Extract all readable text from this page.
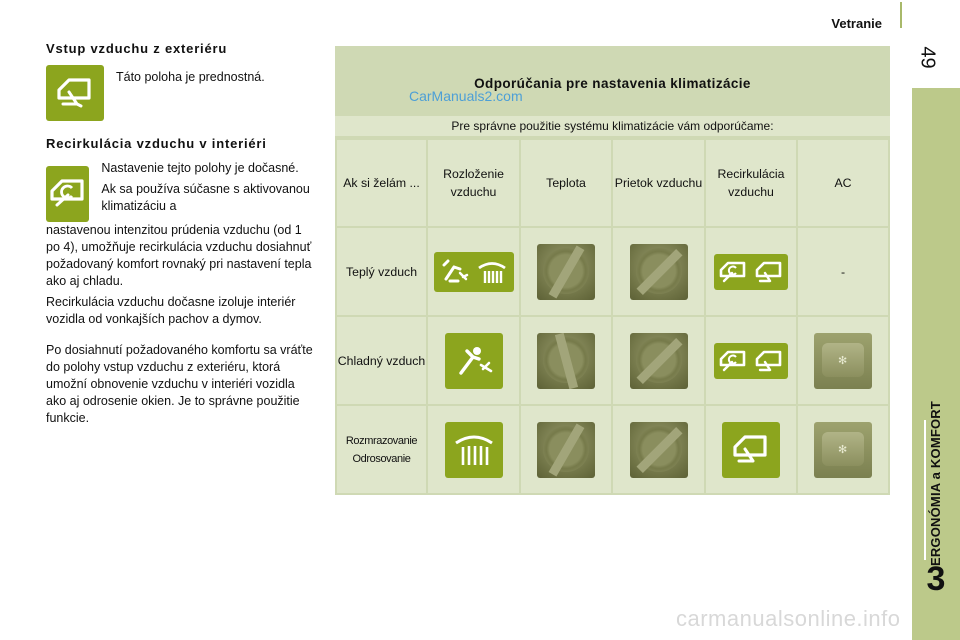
Vetranie
49
ERGONÓMIA a KOMFORT
3
Vstup vzduchu z exteriéru
Táto poloha je prednostná.
Recirkulácia vzduchu v interiéri
Nastavenie tejto polohy je dočasné.
Ak sa používa súčasne s aktivovanou klimatizáciu a
nastavenou intenzitou prúdenia vzduchu (od 1 po 4), umožňuje recirkulácia vzduchu dosiahnuť požadovaný komfort rovnaký pri nastavení tepla ako aj chladu.
Recirkulácia vzduchu dočasne izoluje interiér vozidla od vonkajších pachov a dymov.
Po dosiahnutí požadovaného komfortu sa vráťte do polohy vstup vzduchu z exteriéru, ktorá umožní obnovenie vzduchu v interiéri vozidla ako aj odrosenie okien. Je to správne použitie funkcie.
Odporúčania pre nastavenia klimatizácie
CarManuals2.com
Pre správne použitie systému klimatizácie vám odporúčame:
Ak si želám ...	Rozloženie vzduchu	Teplota	Prietok vzduchu	Recirkulácia vzduchu	AC
Teplý vzduch					-
Chladný vzduch					✻

Rozmrazovanie
Odrosovanie					✻
carmanualsonline.info
